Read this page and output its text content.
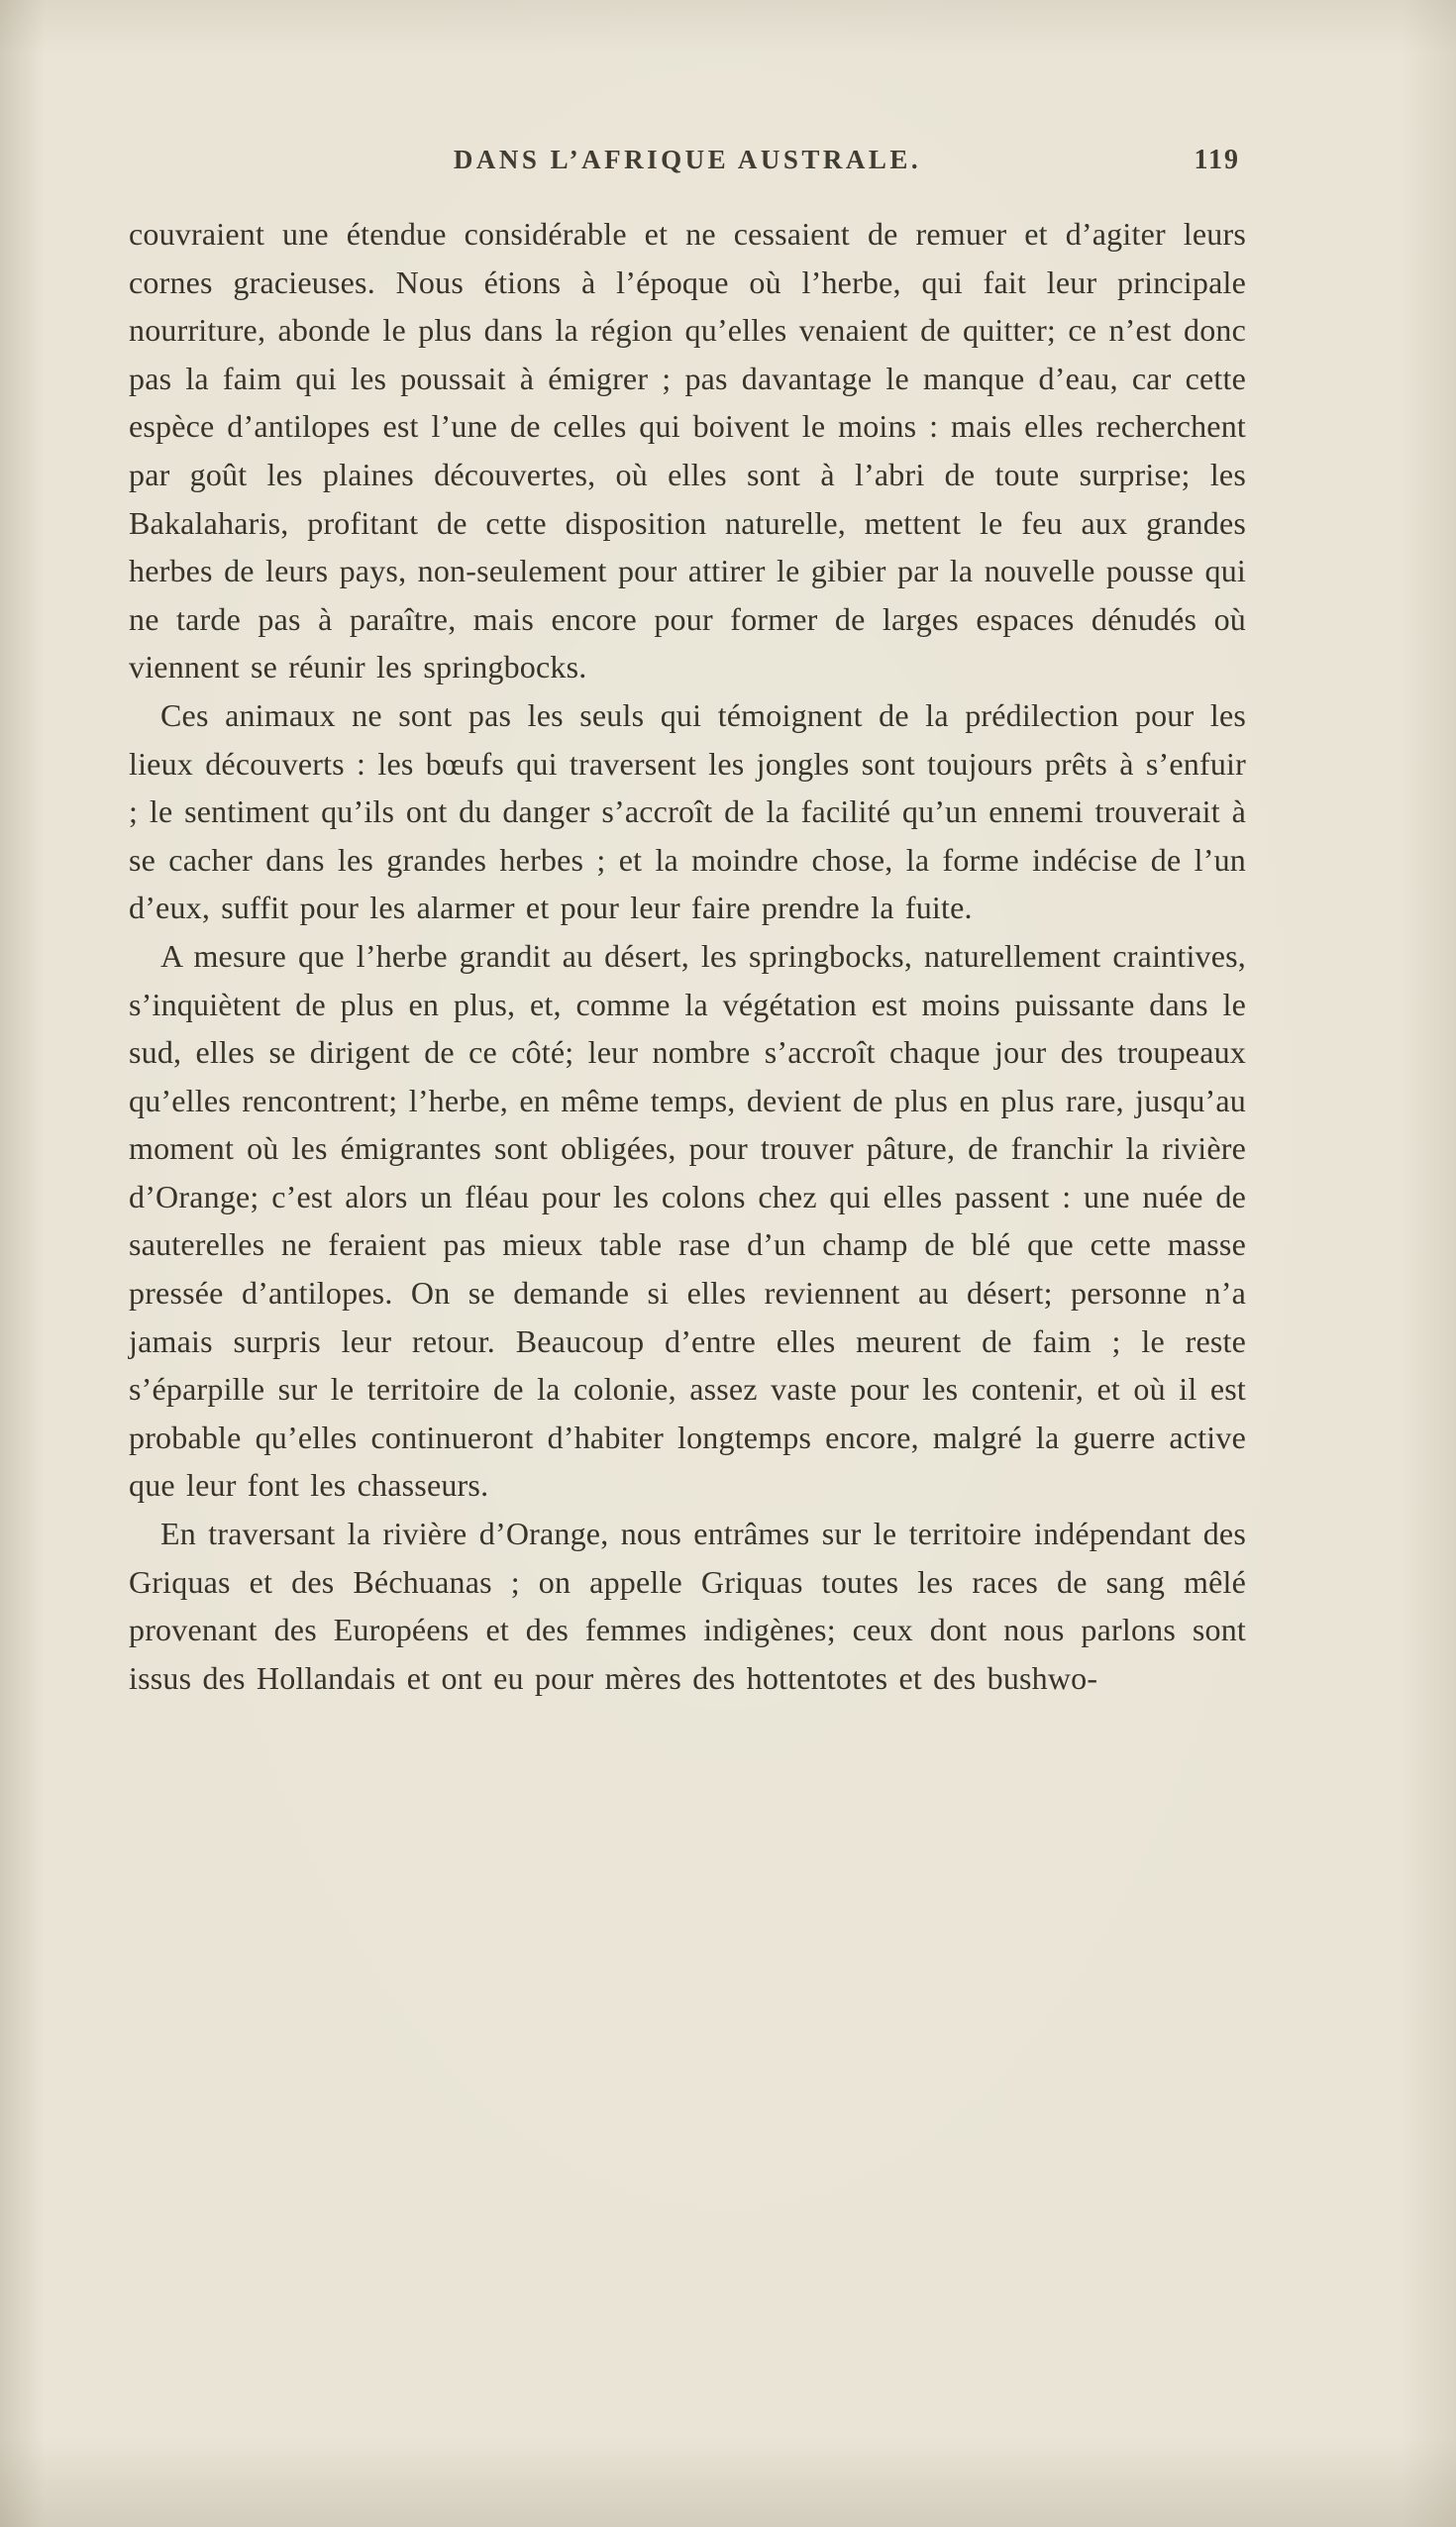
DANS L’AFRIQUE AUSTRALE.	119

couvraient une étendue considérable et ne cessaient de remuer et d’agiter leurs cornes gracieuses. Nous étions à l’époque où l’herbe, qui fait leur principale nourriture, abonde le plus dans la région qu’elles venaient de quitter; ce n’est donc pas la faim qui les poussait à émigrer ; pas davantage le manque d’eau, car cette espèce d’antilopes est l’une de celles qui boivent le moins : mais elles recherchent par goût les plaines découvertes, où elles sont à l’abri de toute surprise; les Bakalaharis, profitant de cette disposition naturelle, mettent le feu aux grandes herbes de leurs pays, non-seulement pour attirer le gibier par la nouvelle pousse qui ne tarde pas à paraître, mais encore pour former de larges espaces dénudés où viennent se réunir les springbocks.

Ces animaux ne sont pas les seuls qui témoignent de la prédilection pour les lieux découverts : les bœufs qui traversent les jongles sont toujours prêts à s’enfuir ; le sentiment qu’ils ont du danger s’accroît de la facilité qu’un ennemi trouverait à se cacher dans les grandes herbes ; et la moindre chose, la forme indécise de l’un d’eux, suffit pour les alarmer et pour leur faire prendre la fuite.

A mesure que l’herbe grandit au désert, les springbocks, naturellement craintives, s’inquiètent de plus en plus, et, comme la végétation est moins puissante dans le sud, elles se dirigent de ce côté; leur nombre s’accroît chaque jour des troupeaux qu’elles rencontrent; l’herbe, en même temps, devient de plus en plus rare, jusqu’au moment où les émigrantes sont obligées, pour trouver pâture, de franchir la rivière d’Orange; c’est alors un fléau pour les colons chez qui elles passent : une nuée de sauterelles ne feraient pas mieux table rase d’un champ de blé que cette masse pressée d’antilopes. On se demande si elles reviennent au désert; personne n’a jamais surpris leur retour. Beaucoup d’entre elles meurent de faim ; le reste s’éparpille sur le territoire de la colonie, assez vaste pour les contenir, et où il est probable qu’elles continueront d’habiter longtemps encore, malgré la guerre active que leur font les chasseurs.

En traversant la rivière d’Orange, nous entrâmes sur le territoire indépendant des Griquas et des Béchuanas ; on appelle Griquas toutes les races de sang mêlé provenant des Européens et des femmes indigènes; ceux dont nous parlons sont issus des Hollandais et ont eu pour mères des hottentotes et des bushwo-
